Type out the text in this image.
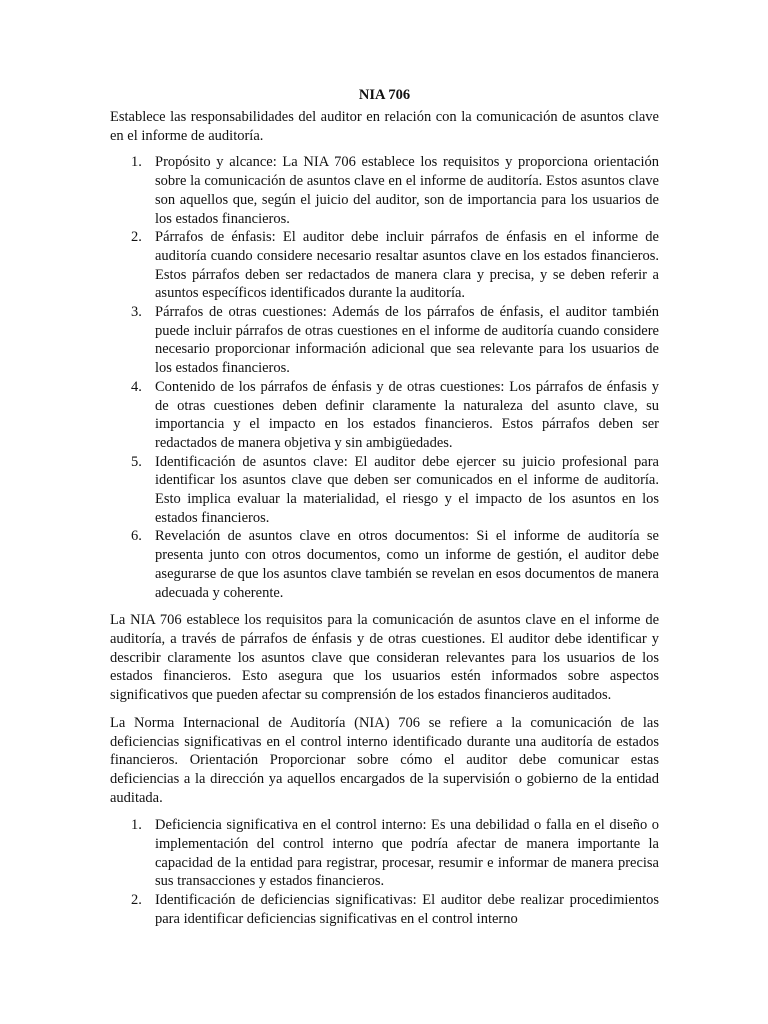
NIA 706

Establece las responsabilidades del auditor en relación con la comunicación de asuntos clave en el informe de auditoría.

1. Propósito y alcance: La NIA 706 establece los requisitos y proporciona orientación sobre la comunicación de asuntos clave en el informe de auditoría. Estos asuntos clave son aquellos que, según el juicio del auditor, son de importancia para los usuarios de los estados financieros.
2. Párrafos de énfasis: El auditor debe incluir párrafos de énfasis en el informe de auditoría cuando considere necesario resaltar asuntos clave en los estados financieros. Estos párrafos deben ser redactados de manera clara y precisa, y se deben referir a asuntos específicos identificados durante la auditoría.
3. Párrafos de otras cuestiones: Además de los párrafos de énfasis, el auditor también puede incluir párrafos de otras cuestiones en el informe de auditoría cuando considere necesario proporcionar información adicional que sea relevante para los usuarios de los estados financieros.
4. Contenido de los párrafos de énfasis y de otras cuestiones: Los párrafos de énfasis y de otras cuestiones deben definir claramente la naturaleza del asunto clave, su importancia y el impacto en los estados financieros. Estos párrafos deben ser redactados de manera objetiva y sin ambigüedades.
5. Identificación de asuntos clave: El auditor debe ejercer su juicio profesional para identificar los asuntos clave que deben ser comunicados en el informe de auditoría. Esto implica evaluar la materialidad, el riesgo y el impacto de los asuntos en los estados financieros.
6. Revelación de asuntos clave en otros documentos: Si el informe de auditoría se presenta junto con otros documentos, como un informe de gestión, el auditor debe asegurarse de que los asuntos clave también se revelan en esos documentos de manera adecuada y coherente.

La NIA 706 establece los requisitos para la comunicación de asuntos clave en el informe de auditoría, a través de párrafos de énfasis y de otras cuestiones. El auditor debe identificar y describir claramente los asuntos clave que consideran relevantes para los usuarios de los estados financieros. Esto asegura que los usuarios estén informados sobre aspectos significativos que pueden afectar su comprensión de los estados financieros auditados.

La Norma Internacional de Auditoría (NIA) 706 se refiere a la comunicación de las deficiencias significativas en el control interno identificado durante una auditoría de estados financieros. Orientación Proporcionar sobre cómo el auditor debe comunicar estas deficiencias a la dirección ya aquellos encargados de la supervisión o gobierno de la entidad auditada.

1. Deficiencia significativa en el control interno: Es una debilidad o falla en el diseño o implementación del control interno que podría afectar de manera importante la capacidad de la entidad para registrar, procesar, resumir e informar de manera precisa sus transacciones y estados financieros.
2. Identificación de deficiencias significativas: El auditor debe realizar procedimientos para identificar deficiencias significativas en el control interno
